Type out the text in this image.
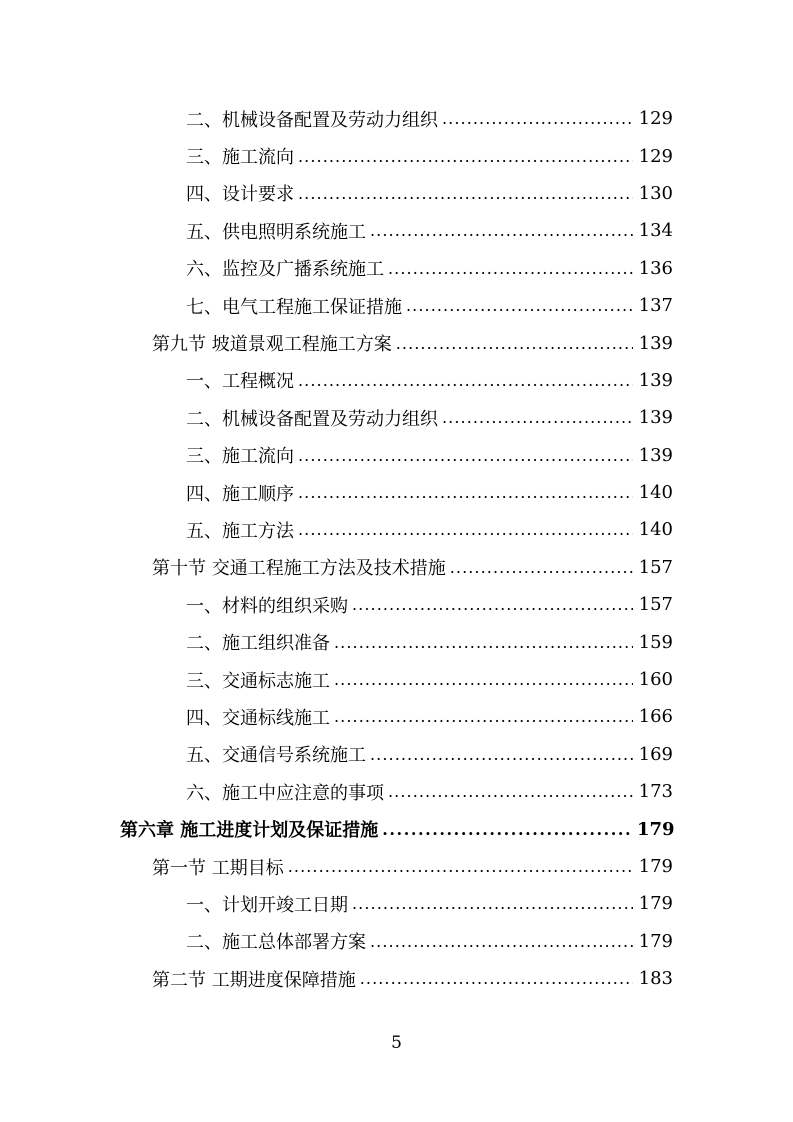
二、机械设备配置及劳动力组织 . . .	129
三、施工流向 . . .	129
四、设计要求 . . .	130
五、供电照明系统施工 . . .	134
六、监控及广播系统施工 . . .	136
七、电气工程施工保证措施 . . .	137
第九节 坡道景观工程施工方案 . . .	139
一、工程概况 . . .	139
二、机械设备配置及劳动力组织 . . .	139
三、施工流向 . . .	139
四、施工顺序 . . .	140
五、施工方法 . . .	140
第十节 交通工程施工方法及技术措施 . . .	157
一、材料的组织采购 . . .	157
二、施工组织准备 . . .	159
三、交通标志施工 . . .	160
四、交通标线施工 . . .	166
五、交通信号系统施工 . . .	169
六、施工中应注意的事项 . . .	173
第六章 施工进度计划及保证措施 . . .	179
第一节 工期目标 . . .	179
一、计划开竣工日期 . . .	179
二、施工总体部署方案 . . .	179
第二节 工期进度保障措施 . . .	183
5
